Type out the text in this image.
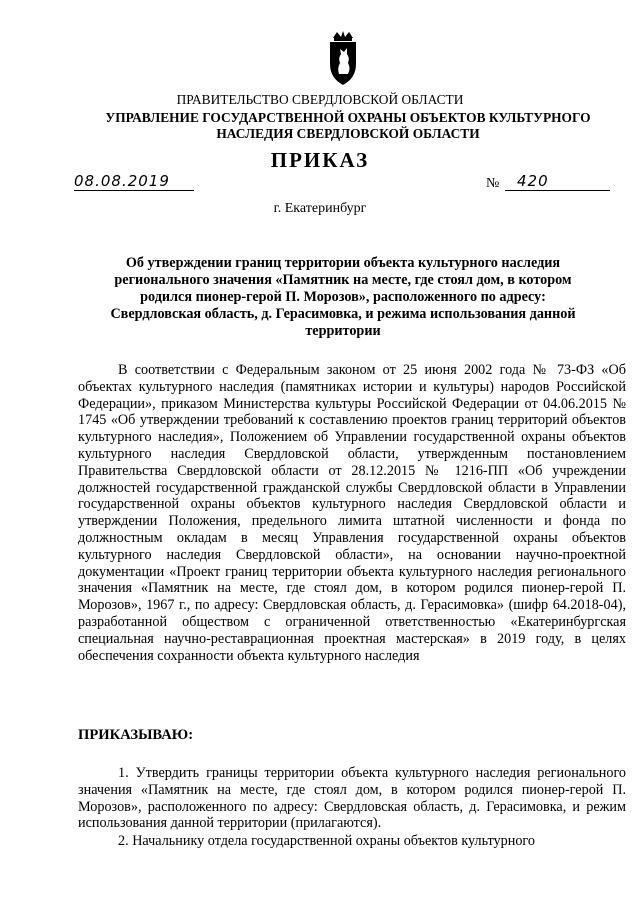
ПРАВИТЕЛЬСТВО СВЕРДЛОВСКОЙ ОБЛАСТИ
УПРАВЛЕНИЕ ГОСУДАРСТВЕННОЙ ОХРАНЫ ОБЪЕКТОВ КУЛЬТУРНОГО НАСЛЕДИЯ СВЕРДЛОВСКОЙ ОБЛАСТИ
ПРИКАЗ
08.08.2019	№	420
г. Екатеринбург
Об утверждении границ территории объекта культурного наследия регионального значения «Памятник на месте, где стоял дом, в котором родился пионер-герой П. Морозов», расположенного по адресу: Свердловская область, д. Герасимовка, и режима использования данной территории
В соответствии с Федеральным законом от 25 июня 2002 года № 73-ФЗ «Об объектах культурного наследия (памятниках истории и культуры) народов Российской Федерации», приказом Министерства культуры Российской Федерации от 04.06.2015 № 1745 «Об утверждении требований к составлению проектов границ территорий объектов культурного наследия», Положением об Управлении государственной охраны объектов культурного наследия Свердловской области, утвержденным постановлением Правительства Свердловской области от 28.12.2015 № 1216-ПП «Об учреждении должностей государственной гражданской службы Свердловской области в Управлении государственной охраны объектов культурного наследия Свердловской области и утверждении Положения, предельного лимита штатной численности и фонда по должностным окладам в месяц Управления государственной охраны объектов культурного наследия Свердловской области», на основании научно-проектной документации «Проект границ территории объекта культурного наследия регионального значения «Памятник на месте, где стоял дом, в котором родился пионер-герой П. Морозов», 1967 г., по адресу: Свердловская область, д. Герасимовка» (шифр 64.2018-04), разработанной обществом с ограниченной ответственностью «Екатеринбургская специальная научно-реставрационная проектная мастерская» в 2019 году, в целях обеспечения сохранности объекта культурного наследия
ПРИКАЗЫВАЮ:
1. Утвердить границы территории объекта культурного наследия регионального значения «Памятник на месте, где стоял дом, в котором родился пионер-герой П. Морозов», расположенного по адресу: Свердловская область, д. Герасимовка, и режим использования данной территории (прилагаются).
2. Начальнику отдела государственной охраны объектов культурного
